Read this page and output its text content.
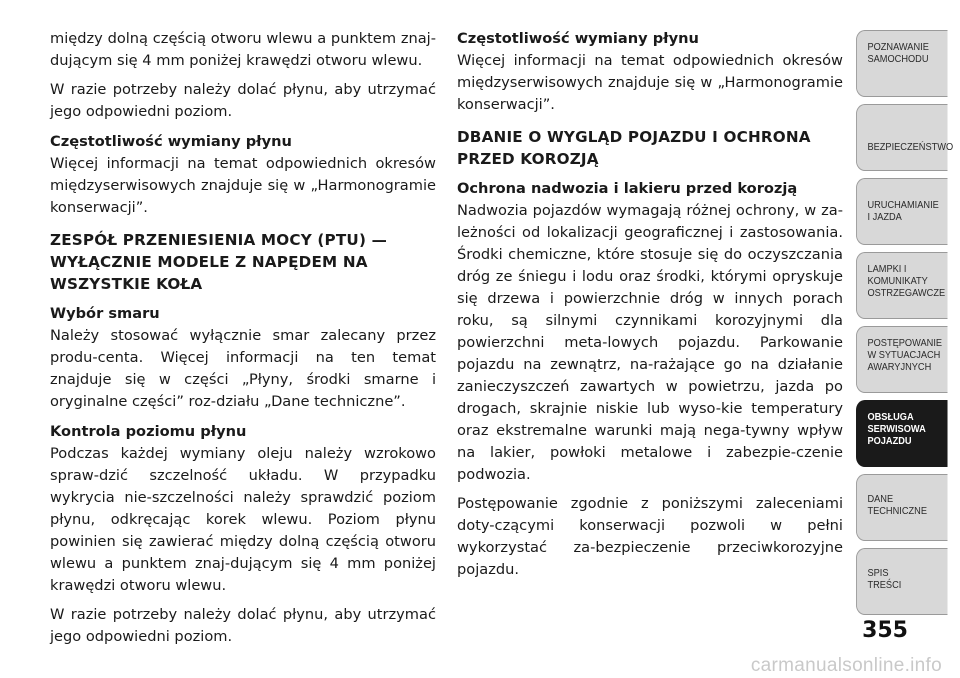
między dolną częścią otworu wlewu a punktem znaj-dującym się 4 mm poniżej krawędzi otworu wlewu.

W razie potrzeby należy dolać płynu, aby utrzymać jego odpowiedni poziom.

Częstotliwość wymiany płynu

Więcej informacji na temat odpowiednich okresów międzyserwisowych znajduje się w „Harmonogramie konserwacji”.

ZESPÓŁ PRZENIESIENIA MOCY (PTU) — WYŁĄCZNIE MODELE Z NAPĘDEM NA WSZYSTKIE KOŁA
Wybór smaru

Należy stosować wyłącznie smar zalecany przez produ-centa. Więcej informacji na ten temat znajduje się w części „Płyny, środki smarne i oryginalne części” roz-działu „Dane techniczne”.

Kontrola poziomu płynu

Podczas każdej wymiany oleju należy wzrokowo spraw-dzić szczelność układu. W przypadku wykrycia nie-szczelności należy sprawdzić poziom płynu, odkręcając korek wlewu. Poziom płynu powinien się zawierać między dolną częścią otworu wlewu a punktem znaj-dującym się 4 mm poniżej krawędzi otworu wlewu.

W razie potrzeby należy dolać płynu, aby utrzymać jego odpowiedni poziom.

Częstotliwość wymiany płynu

Więcej informacji na temat odpowiednich okresów międzyserwisowych znajduje się w „Harmonogramie konserwacji”.

DBANIE O WYGLĄD POJAZDU I OCHRONA PRZED KOROZJĄ
Ochrona nadwozia i lakieru przed korozją

Nadwozia pojazdów wymagają różnej ochrony, w za-leżności od lokalizacji geograficznej i zastosowania. Środki chemiczne, które stosuje się do oczyszczania dróg ze śniegu i lodu oraz środki, którymi opryskuje się drzewa i powierzchnie dróg w innych porach roku, są silnymi czynnikami korozyjnymi dla powierzchni meta-lowych pojazdu. Parkowanie pojazdu na zewnątrz, na-rażające go na działanie zanieczyszczeń zawartych w powietrzu, jazda po drogach, skrajnie niskie lub wyso-kie temperatury oraz ekstremalne warunki mają nega-tywny wpływ na lakier, powłoki metalowe i zabezpie-czenie podwozia.

Postępowanie zgodnie z poniższymi zaleceniami doty-czącymi konserwacji pozwoli w pełni wykorzystać za-bezpieczenie przeciwkorozyjne pojazdu.

POZNAWANIE
SAMOCHODU
BEZPIECZEŃSTWO
URUCHAMIANIE
I JAZDA
LAMPKI I
KOMUNIKATY
OSTRZEGAWCZE
POSTĘPOWANIE
W SYTUACJACH
AWARYJNYCH
OBSŁUGA
SERWISOWA
POJAZDU
DANE
TECHNICZNE
SPIS
TREŚCI
355
carmanualsonline.info
